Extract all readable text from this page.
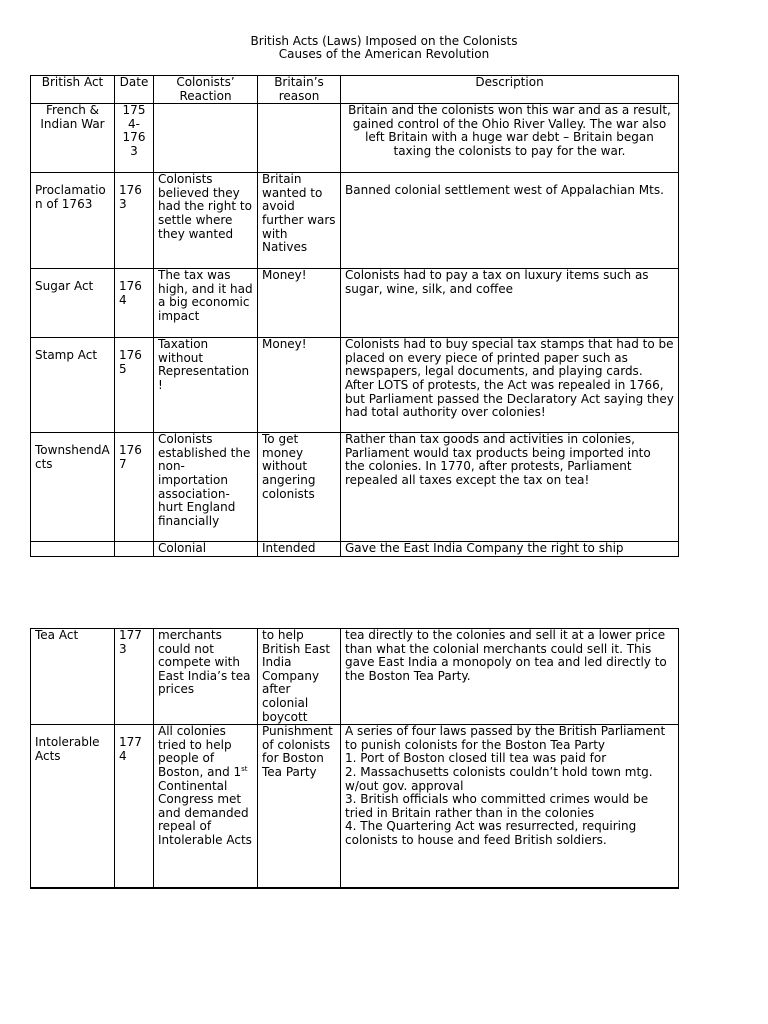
British Acts (Laws) Imposed on the Colonists
Causes of the American Revolution
British Act	Date	Colonists’ Reaction	Britain’s reason	Description
French & Indian War	1754-1763			Britain and the colonists won this war and as a result, gained control of the Ohio River Valley. The war also left Britain with a huge war debt – Britain began taxing the colonists to pay for the war.
Proclamation of 1763	1763	Colonists believed they had the right to settle where they wanted	Britain wanted to avoid further wars with Natives	Banned colonial settlement west of Appalachian Mts.
Sugar Act	1764	The tax was high, and it had a big economic impact	Money!	Colonists had to pay a tax on luxury items such as sugar, wine, silk, and coffee
Stamp Act	1765	Taxation without Representation!	Money!	Colonists had to buy special tax stamps that had to be placed on every piece of printed paper such as newspapers, legal documents, and playing cards. After LOTS of protests, the Act was repealed in 1766, but Parliament passed the Declaratory Act saying they had total authority over colonies!
TownshendActs	1767	Colonists established the non-importation association-hurt England financially	To get money without angering colonists	Rather than tax goods and activities in colonies, Parliament would tax products being imported into the colonies. In 1770, after protests, Parliament repealed all taxes except the tax on tea!
		Colonial	Intended	Gave the East India Company the right to ship
Tea Act	1773	merchants could not compete with East India’s tea prices	to help British East India Company after colonial boycott	tea directly to the colonies and sell it at a lower price than what the colonial merchants could sell it. This gave East India a monopoly on tea and led directly to the Boston Tea Party.
Intolerable Acts	1774	All colonies tried to help people of Boston, and 1st Continental Congress met and demanded repeal of Intolerable Acts	Punishment of colonists for Boston Tea Party	A series of four laws passed by the British Parliament to punish colonists for the Boston Tea Party
1. Port of Boston closed till tea was paid for
2. Massachusetts colonists couldn’t hold town mtg. w/out gov. approval
3. British officials who committed crimes would be tried in Britain rather than in the colonies
4. The Quartering Act was resurrected, requiring colonists to house and feed British soldiers.
